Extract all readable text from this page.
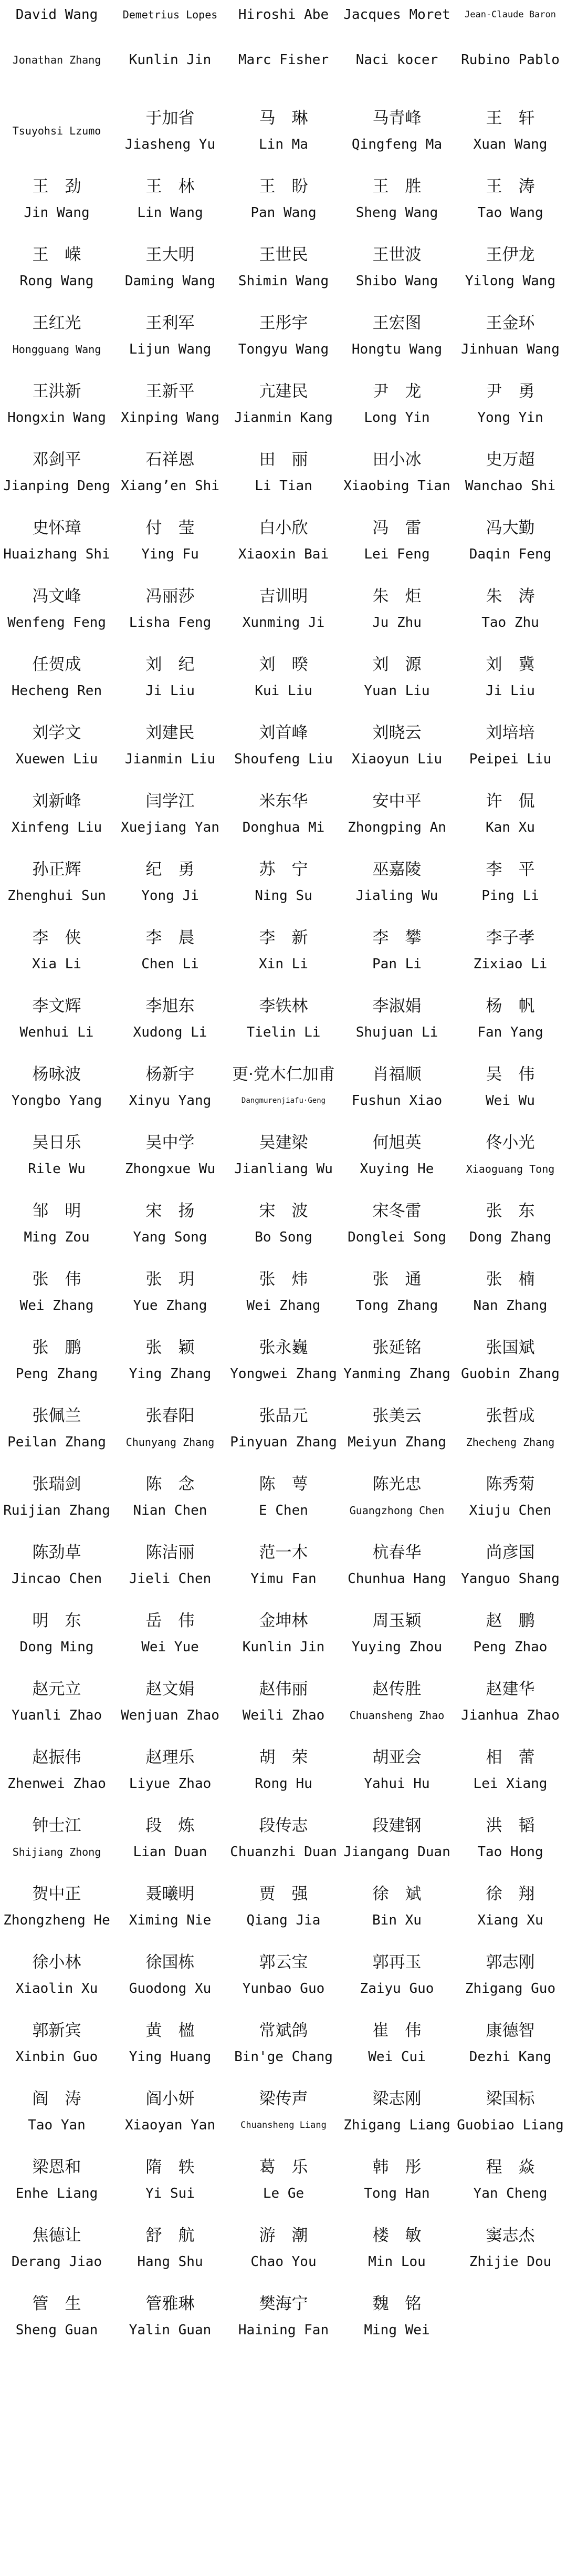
David Wang Demetrius Lopes Hiroshi Abe Jacques Moret Jean-Claude Baron
Jonathan Zhang Kunlin Jin Marc Fisher Naci kocer Rubino Pablo
Tsuyohsi Lzumo
于加省
Jiasheng Yu
马　琳
Lin Ma
马青峰
Qingfeng Ma
王　轩
Xuan Wang
王　劲
Jin Wang
王　林
Lin Wang
王　盼
Pan Wang
王　胜
Sheng Wang
王　涛
Tao Wang
王　嵘
Rong Wang
王大明
Daming Wang
王世民
Shimin Wang
王世波
Shibo Wang
王伊龙
Yilong Wang
王红光
Hongguang Wang
王利军
Lijun Wang
王彤宇
Tongyu Wang
王宏图
Hongtu Wang
王金环
Jinhuan Wang
王洪新
Hongxin Wang
王新平
Xinping Wang
亢建民
Jianmin Kang
尹　龙
Long Yin
尹　勇
Yong Yin
邓剑平
Jianping Deng
石祥恩
Xiang’en Shi
田　丽
Li Tian
田小冰
Xiaobing Tian
史万超
Wanchao Shi
史怀璋
Huaizhang Shi
付　莹
Ying Fu
白小欣
Xiaoxin Bai
冯　雷
Lei Feng
冯大勤
Daqin Feng
冯文峰
Wenfeng Feng
冯丽莎
Lisha Feng
吉训明
Xunming Ji
朱　炬
Ju Zhu
朱　涛
Tao Zhu
任贺成
Hecheng Ren
刘　纪
Ji Liu
刘　暌
Kui Liu
刘　源
Yuan Liu
刘　冀
Ji Liu
刘学文
Xuewen Liu
刘建民
Jianmin Liu
刘首峰
Shoufeng Liu
刘晓云
Xiaoyun Liu
刘培培
Peipei Liu
刘新峰
Xinfeng Liu
闫学江
Xuejiang Yan
米东华
Donghua Mi
安中平
Zhongping An
许　侃
Kan Xu
孙正辉
Zhenghui Sun
纪　勇
Yong Ji
苏　宁
Ning Su
巫嘉陵
Jialing Wu
李　平
Ping Li
李　侠
Xia Li
李　晨
Chen Li
李　新
Xin Li
李　攀
Pan Li
李子孝
Zixiao Li
李文辉
Wenhui Li
李旭东
Xudong Li
李铁林
Tielin Li
李淑娟
Shujuan Li
杨　帆
Fan Yang
杨咏波
Yongbo Yang
杨新宇
Xinyu Yang
更·党木仁加甫
Dangmurenjiafu·Geng
肖福顺
Fushun Xiao
吴　伟
Wei Wu
吴日乐
Rile Wu
吴中学
Zhongxue Wu
吴建梁
Jianliang Wu
何旭英
Xuying He
佟小光
Xiaoguang Tong
邹　明
Ming Zou
宋　扬
Yang Song
宋　波
Bo Song
宋冬雷
Donglei Song
张　东
Dong Zhang
张　伟
Wei Zhang
张　玥
Yue Zhang
张　炜
Wei Zhang
张　通
Tong Zhang
张　楠
Nan Zhang
张　鹏
Peng Zhang
张　颖
Ying Zhang
张永巍
Yongwei Zhang
张延铭
Yanming Zhang
张国斌
Guobin Zhang
张佩兰
Peilan Zhang
张春阳
Chunyang Zhang
张品元
Pinyuan Zhang
张美云
Meiyun Zhang
张哲成
Zhecheng Zhang
张瑞剑
Ruijian Zhang
陈　念
Nian Chen
陈　萼
E Chen
陈光忠
Guangzhong Chen
陈秀菊
Xiuju Chen
陈劲草
Jincao Chen
陈洁丽
Jieli Chen
范一木
Yimu Fan
杭春华
Chunhua Hang
尚彦国
Yanguo Shang
明　东
Dong Ming
岳　伟
Wei Yue
金坤林
Kunlin Jin
周玉颖
Yuying Zhou
赵　鹏
Peng Zhao
赵元立
Yuanli Zhao
赵文娟
Wenjuan Zhao
赵伟丽
Weili Zhao
赵传胜
Chuansheng Zhao
赵建华
Jianhua Zhao
赵振伟
Zhenwei Zhao
赵理乐
Liyue Zhao
胡　荣
Rong Hu
胡亚会
Yahui Hu
相　蕾
Lei Xiang
钟士江
Shijiang Zhong
段　炼
Lian Duan
段传志
Chuanzhi Duan
段建钢
Jiangang Duan
洪　韬
Tao Hong
贺中正
Zhongzheng He
聂曦明
Ximing Nie
贾　强
Qiang Jia
徐　斌
Bin Xu
徐　翔
Xiang Xu
徐小林
Xiaolin Xu
徐国栋
Guodong Xu
郭云宝
Yunbao Guo
郭再玉
Zaiyu Guo
郭志刚
Zhigang Guo
郭新宾
Xinbin Guo
黄　楹
Ying Huang
常斌鸽
Bin'ge Chang
崔　伟
Wei Cui
康德智
Dezhi Kang
阎　涛
Tao Yan
阎小妍
Xiaoyan Yan
梁传声
Chuansheng Liang
梁志刚
Zhigang Liang
梁国标
Guobiao Liang
梁恩和
Enhe Liang
隋　轶
Yi Sui
葛　乐
Le Ge
韩　彤
Tong Han
程　焱
Yan Cheng
焦德让
Derang Jiao
舒　航
Hang Shu
游　潮
Chao You
楼　敏
Min Lou
窦志杰
Zhijie Dou
管　生
Sheng Guan
管雅琳
Yalin Guan
樊海宁
Haining Fan
魏　铭
Ming Wei
